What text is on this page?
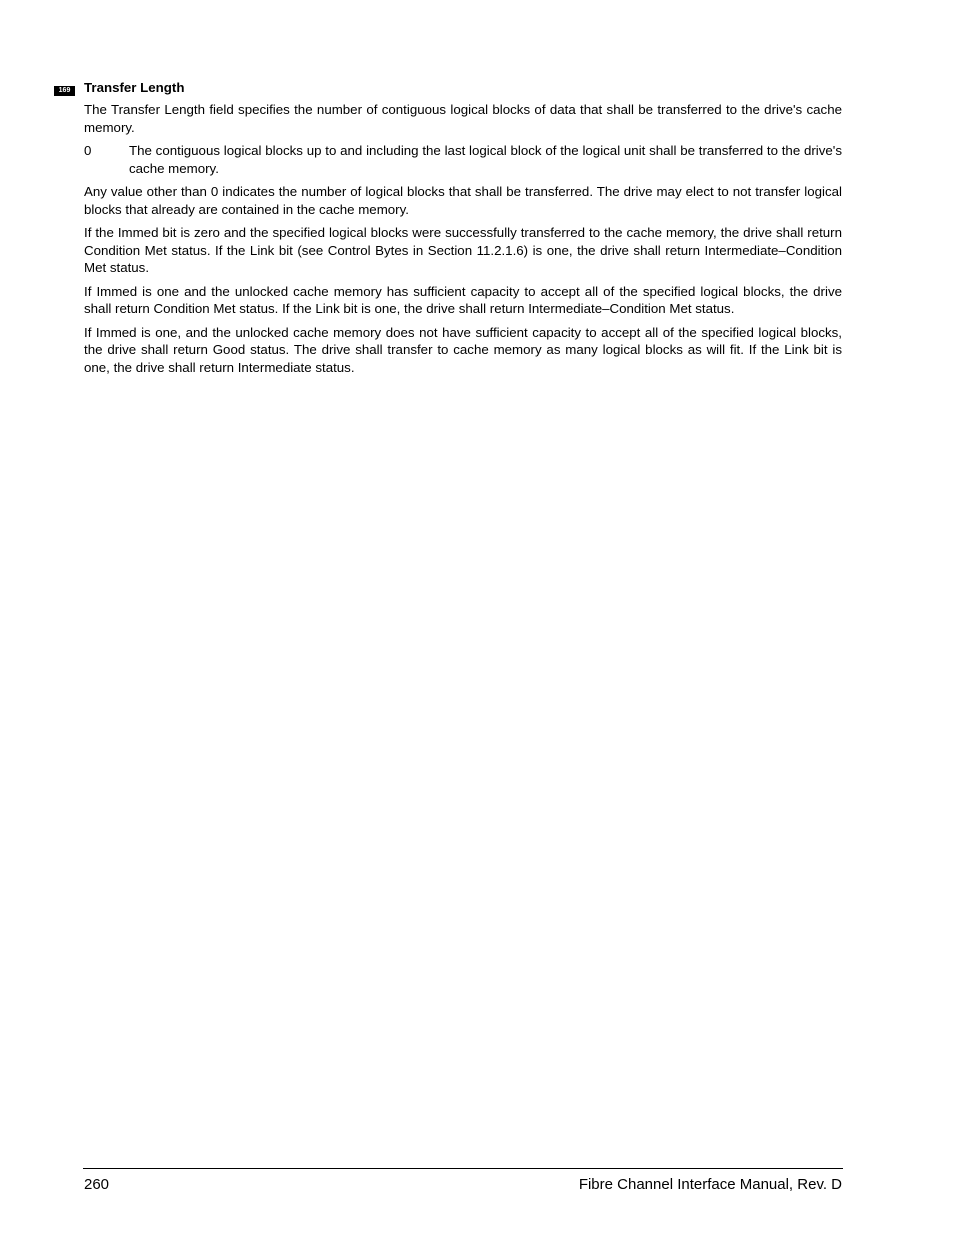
169	Transfer Length

The Transfer Length field specifies the number of contiguous logical blocks of data that shall be transferred to the drive's cache memory.

0	The contiguous logical blocks up to and including the last logical block of the logical unit shall be transferred to the drive's cache memory.

Any value other than 0 indicates the number of logical blocks that shall be transferred. The drive may elect to not transfer logical blocks that already are contained in the cache memory.

If the Immed bit is zero and the specified logical blocks were successfully transferred to the cache memory, the drive shall return Condition Met status. If the Link bit (see Control Bytes in Section 11.2.1.6) is one, the drive shall return Intermediate–Condition Met status.

If Immed is one and the unlocked cache memory has sufficient capacity to accept all of the specified logical blocks, the drive shall return Condition Met status. If the Link bit is one, the drive shall return Intermediate–Condition Met status.

If Immed is one, and the unlocked cache memory does not have sufficient capacity to accept all of the specified logical blocks, the drive shall return Good status. The drive shall transfer to cache memory as many logical blocks as will fit. If the Link bit is one, the drive shall return Intermediate status.

260	Fibre Channel Interface Manual, Rev. D
